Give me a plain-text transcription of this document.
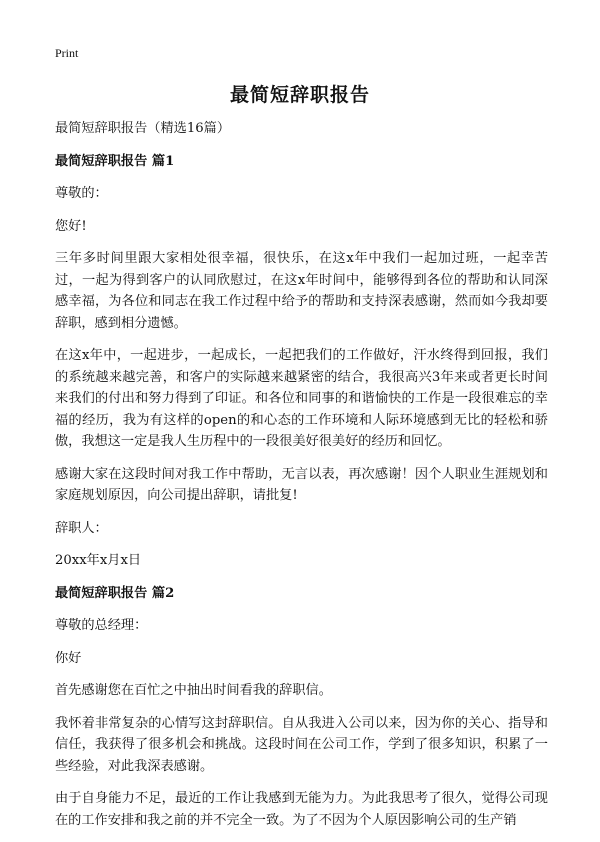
Print
最简短辞职报告

最简短辞职报告（精选16篇）

最简短辞职报告 篇1

尊敬的：

您好!

三年多时间里跟大家相处很幸福，很快乐，在这x年中我们一起加过班，一起幸苦过，一起为得到客户的认同欣慰过，在这x年时间中，能够得到各位的帮助和认同深感幸福，为各位和同志在我工作过程中给予的帮助和支持深表感谢，然而如今我却要辞职，感到相分遗憾。

在这x年中，一起进步，一起成长，一起把我们的工作做好，汗水终得到回报，我们的系统越来越完善，和客户的实际越来越紧密的结合，我很高兴3年来或者更长时间来我们的付出和努力得到了印证。和各位和同事的和谐愉快的工作是一段很难忘的幸福的经历，我为有这样的open的和心态的工作环境和人际环境感到无比的轻松和骄傲，我想这一定是我人生历程中的一段很美好很美好的经历和回忆。

感谢大家在这段时间对我工作中帮助，无言以表，再次感谢！因个人职业生涯规划和家庭规划原因，向公司提出辞职，请批复!

辞职人：

20xx年x月x日

最简短辞职报告 篇2

尊敬的总经理：

你好

首先感谢您在百忙之中抽出时间看我的辞职信。

我怀着非常复杂的心情写这封辞职信。自从我进入公司以来，因为你的关心、指导和信任，我获得了很多机会和挑战。这段时间在公司工作，学到了很多知识，积累了一些经验，对此我深表感谢。

由于自身能力不足，最近的工作让我感到无能为力。为此我思考了很久，觉得公司现在的工作安排和我之前的并不完全一致。为了不因为个人原因影响公司的生产销
